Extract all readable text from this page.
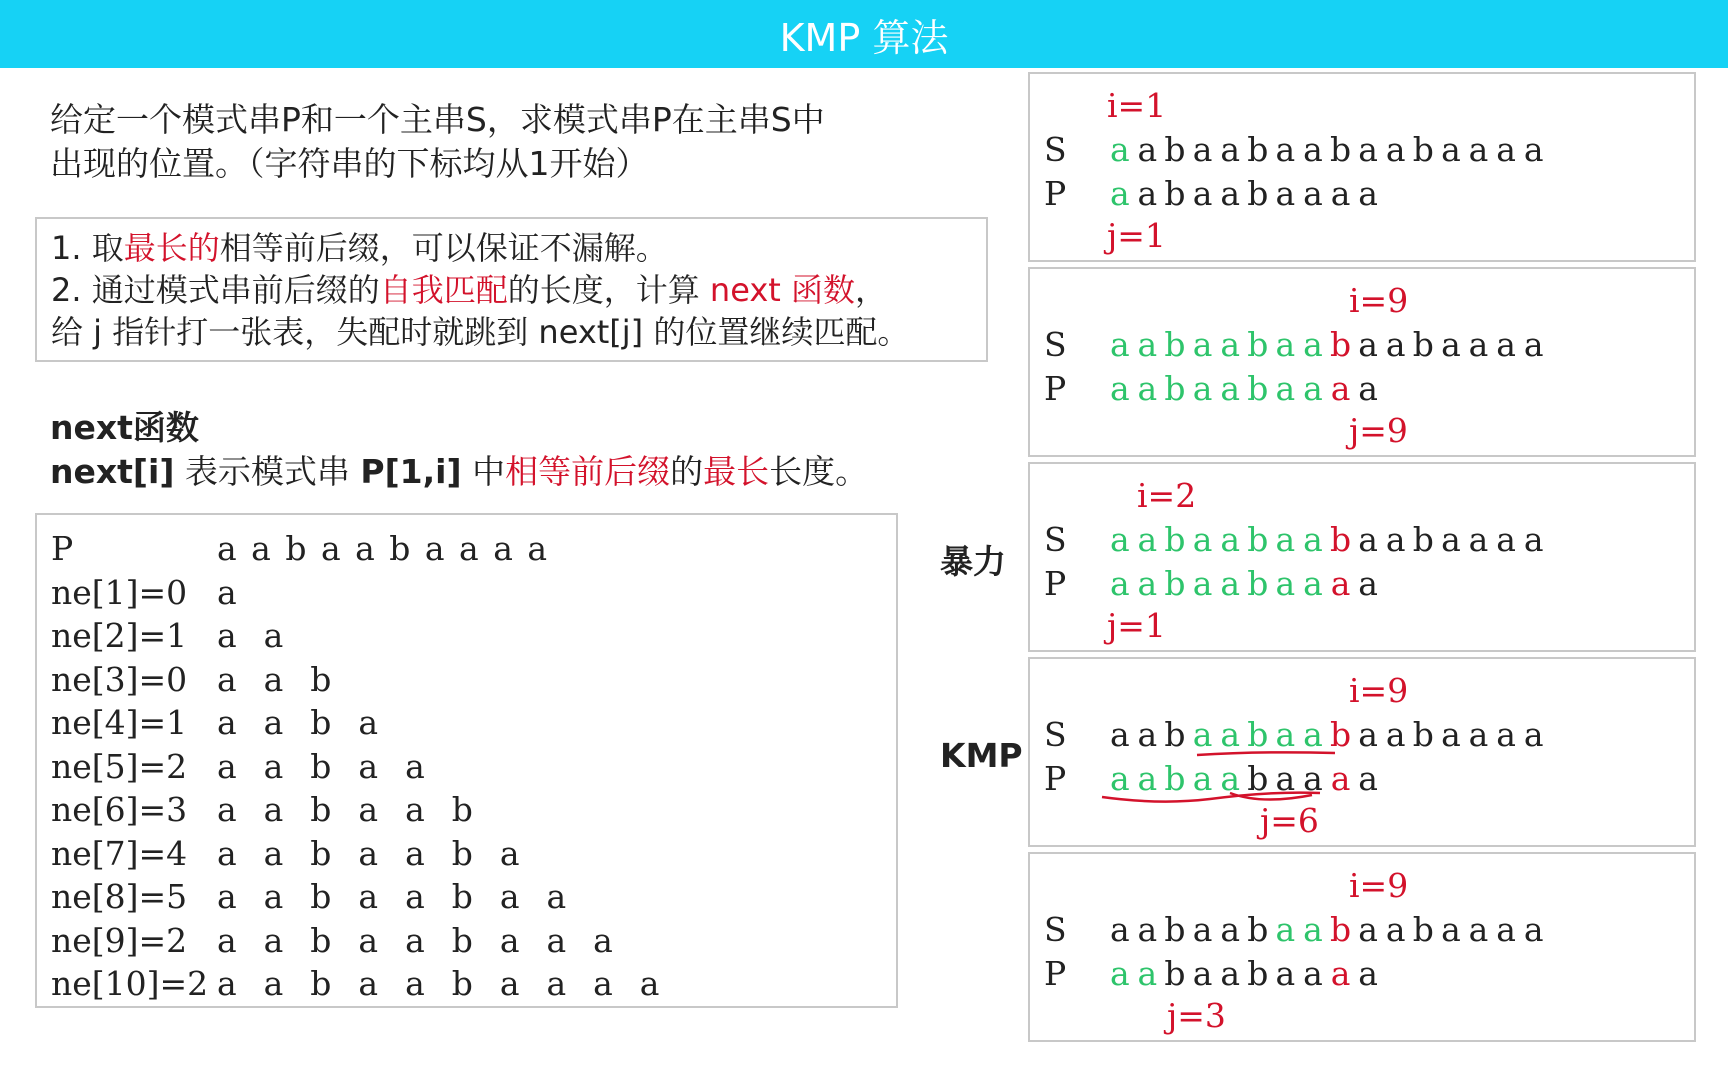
KMP 算法
给定一个模式串P和一个主串S，求模式串P在主串S中
出现的位置。（字符串的下标均从1开始）
1. 取最长的相等前后缀，可以保证不漏解。
2. 通过模式串前后缀的自我匹配的长度，计算 next 函数，
给 j 指针打一张表，失配时就跳到 next[j] 的位置继续匹配。
next函数
next[i] 表示模式串 P[1,i] 中相等前后缀的最长长度。
P	a a b a a b a a a a
ne[1]=0 a
ne[2]=1 a  a
ne[3]=0 a  a  b
ne[4]=1 a  a  b  a
ne[5]=2 a  a  b  a  a
ne[6]=3 a  a  b  a  a  b
ne[7]=4 a  a  b  a  a  b  a
ne[8]=5 a  a  b  a  a  b  a  a
ne[9]=2 a  a  b  a  a  b  a  a  a
ne[10]=2 a  a  b  a  a  b  a  a  a  a
暴力
KMP
i=1
S
P
a a b a a b a a b a a b a a a a
a a b a a b a a a a
j=1
i=9
S
P
a a b a a b a a b a a b a a a a
a a b a a b a a a a
j=9
i=2
S
P
a a b a a b a a b a a b a a a a
a a b a a b a a a a
j=1
i=9
S
P
a a b a a b a a b a a b a a a a
a a b a a b a a a a
j=6
i=9
S
P
a a b a a b a a b a a b a a a a
a a b a a b a a a a
j=3
